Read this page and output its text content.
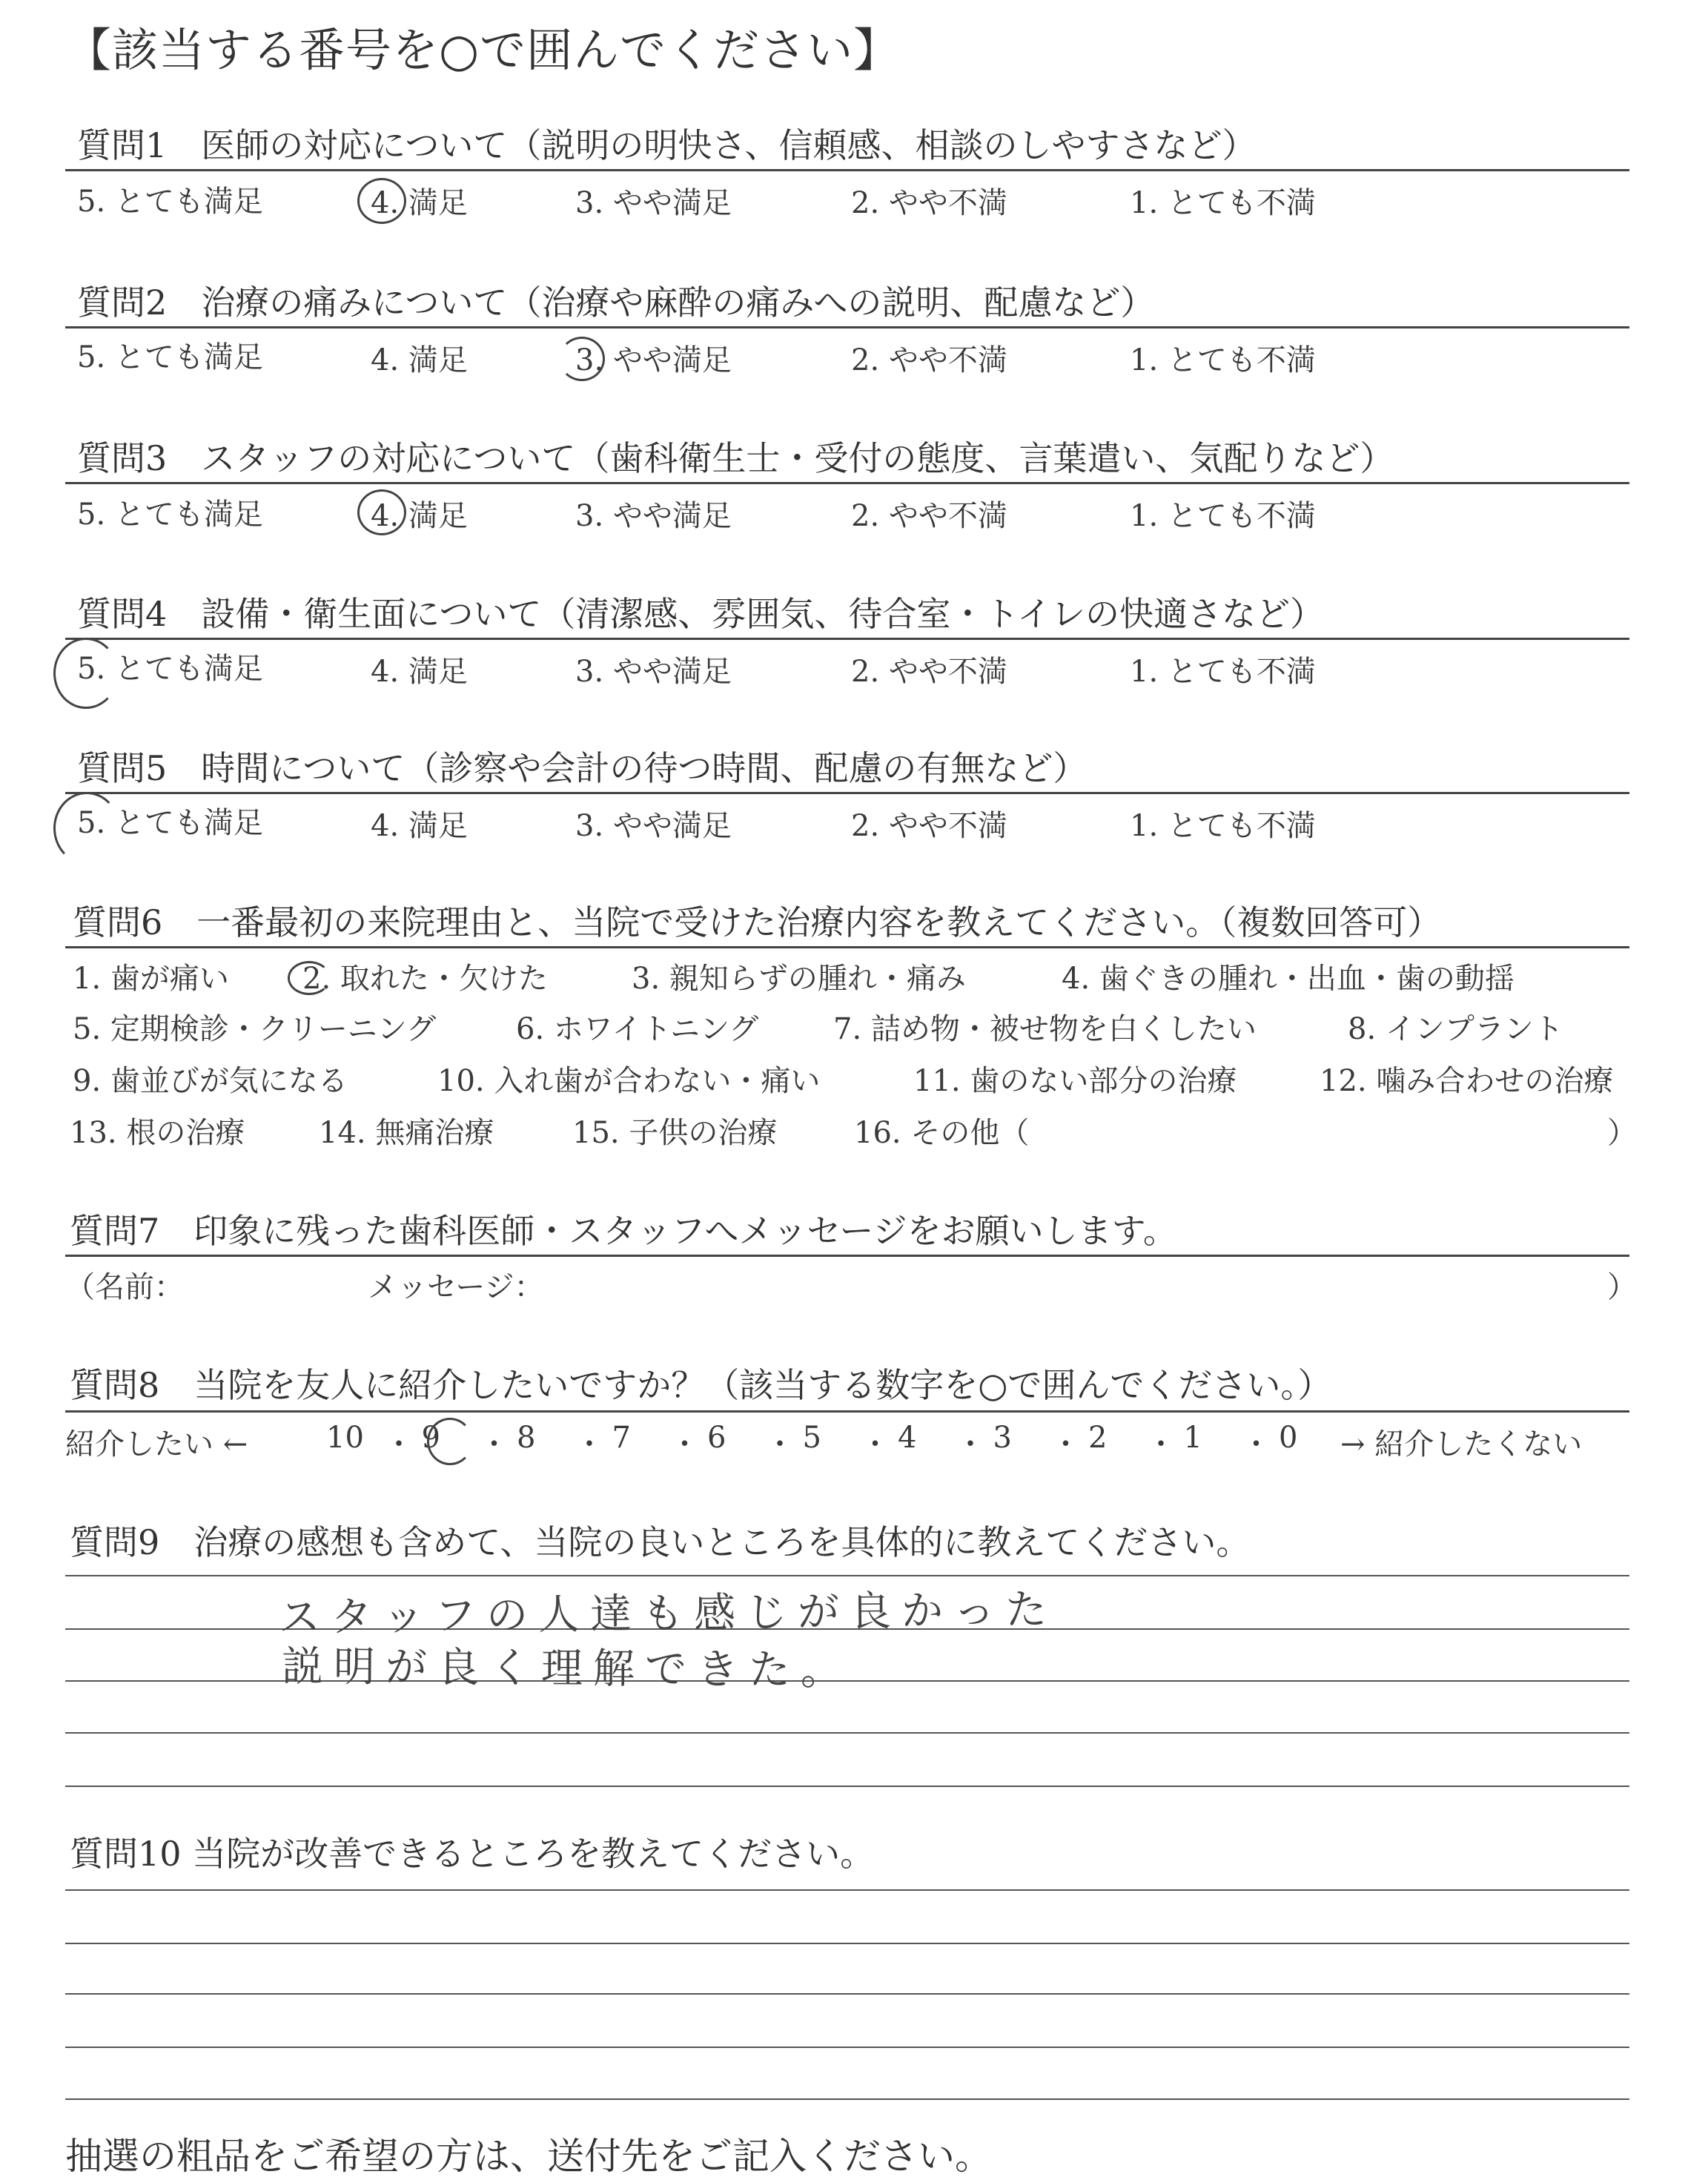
【該当する番号を○で囲んでください】
質問1　医師の対応について（説明の明快さ、信頼感、相談のしやすさなど）
5. とても満足	4. 満足	3. やや満足	2. やや不満	1. とても不満
質問2　治療の痛みについて（治療や麻酔の痛みへの説明、配慮など）
5. とても満足	4. 満足	3. やや満足	2. やや不満	1. とても不満
質問3　スタッフの対応について（歯科衛生士・受付の態度、言葉遣い、気配りなど）
5. とても満足	4. 満足	3. やや満足	2. やや不満	1. とても不満
質問4　設備・衛生面について（清潔感、雰囲気、待合室・トイレの快適さなど）
5. とても満足	4. 満足	3. やや満足	2. やや不満	1. とても不満
質問5　時間について（診察や会計の待つ時間、配慮の有無など）
5. とても満足	4. 満足	3. やや満足	2. やや不満	1. とても不満
質問6　一番最初の来院理由と、当院で受けた治療内容を教えてください。（複数回答可）
1. 歯が痛い 2. 取れた・欠けた	3. 親知らずの腫れ・痛み	4. 歯ぐきの腫れ・出血・歯の動揺
5. 定期検診・クリーニング	6. ホワイトニング	7. 詰め物・被せ物を白くしたい	8. インプラント
9. 歯並びが気になる	10. 入れ歯が合わない・痛い	11. 歯のない部分の治療	12. 噛み合わせの治療
13. 根の治療 14. 無痛治療	15. 子供の治療	16. その他（	）
質問7　印象に残った歯科医師・スタッフへメッセージをお願いします。
（名前：	メッセージ：	）
質問8　当院を友人に紹介したいですか？（該当する数字を○で囲んでください。）
紹介したい ←	10 ・ 9 ・ 8 ・ 7 ・ 6 ・ 5 ・ 4 ・ 3 ・ 2 ・ 1 ・ 0 → 紹介したくない
質問9　治療の感想も含めて、当院の良いところを具体的に教えてください。
スタッフの人達も感じが良かった
説明が良く理解できた。
質問10 当院が改善できるところを教えてください。
抽選の粗品をご希望の方は、送付先をご記入ください。
